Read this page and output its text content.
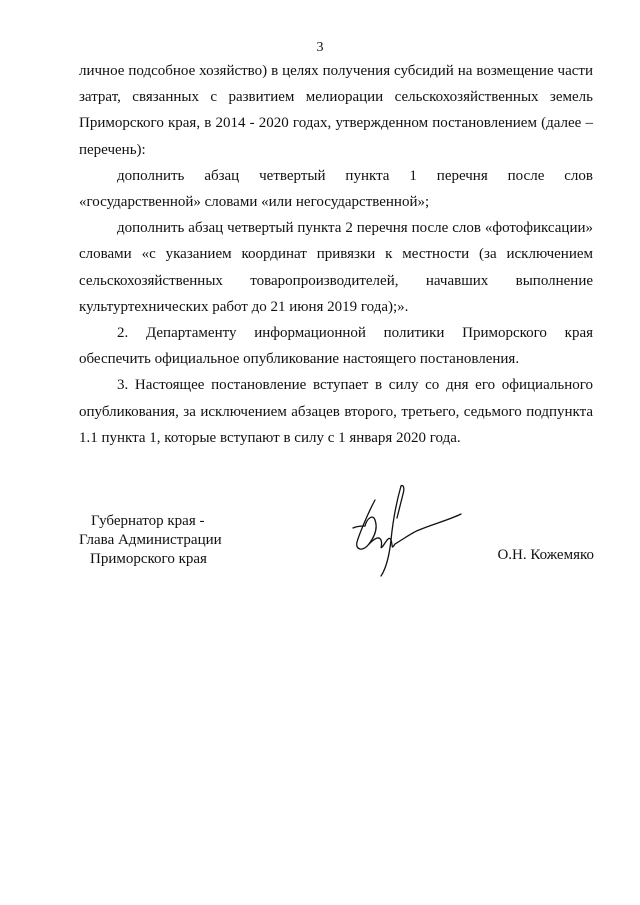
3

личное подсобное хозяйство) в целях получения субсидий на возмещение части затрат, связанных с развитием мелиорации сельскохозяйственных земель Приморского края, в 2014 - 2020 годах, утвержденном постановлением (далее – перечень):

дополнить абзац четвертый пункта 1 перечня после слов «государственной» словами «или негосударственной»;

дополнить абзац четвертый пункта 2 перечня после слов «фотофиксации» словами «с указанием координат привязки к местности (за исключением сельскохозяйственных товаропроизводителей, начавших выполнение культуртехнических работ до 21 июня 2019 года);».

2. Департаменту информационной политики Приморского края обеспечить официальное опубликование настоящего постановления.

3. Настоящее постановление вступает в силу со дня его официального опубликования, за исключением абзацев второго, третьего, седьмого подпункта 1.1 пункта 1, которые вступают в силу с 1 января 2020 года.

Губернатор края -
Глава Администрации
Приморского края	О.Н. Кожемяко
